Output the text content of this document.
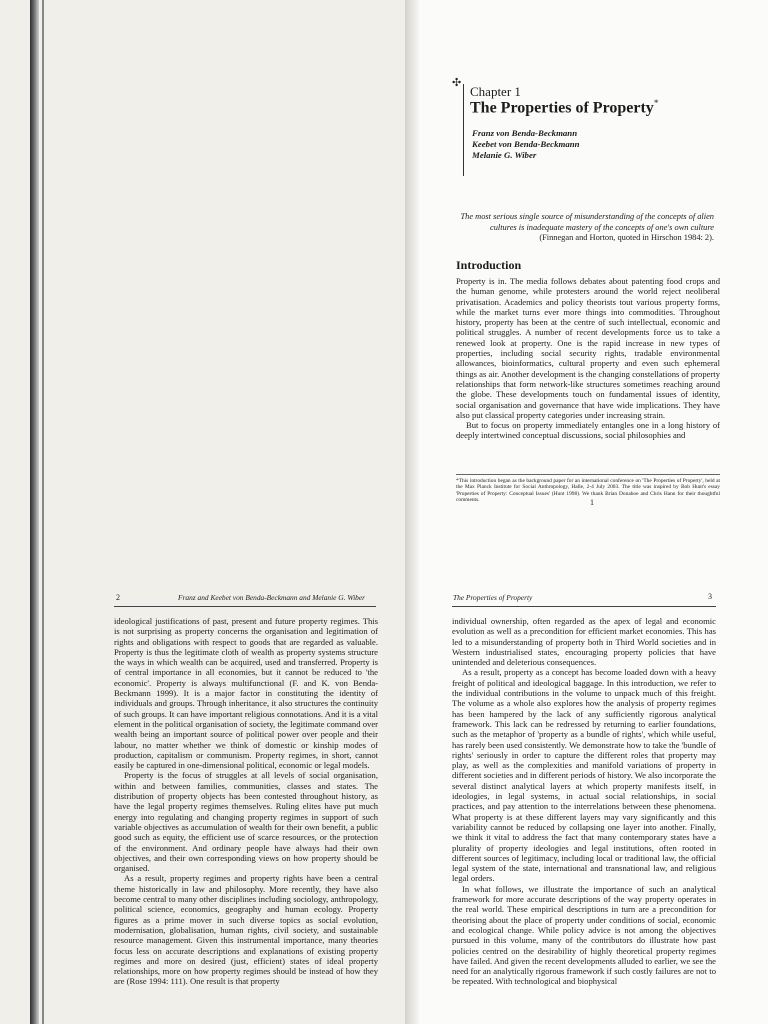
✣
Chapter 1
The Properties of Property*
Franz von Benda-Beckmann
Keebet von Benda-Beckmann
Melanie G. Wiber
The most serious single source of misunderstanding of the concepts of alien
cultures is inadequate mastery of the concepts of one's own culture
(Finnegan and Horton, quoted in Hirschon 1984: 2).
Introduction

Property is in. The media follows debates about patenting food crops and the human genome, while protesters around the world reject neoliberal privatisation. Academics and policy theorists tout various property forms, while the market turns ever more things into commodities. Throughout history, property has been at the centre of such intellectual, economic and political struggles. A number of recent developments force us to take a renewed look at property. One is the rapid increase in new types of properties, including social security rights, tradable environmental allowances, bioinformatics, cultural property and even such ephemeral things as air. Another development is the changing constellations of property relationships that form network-like structures sometimes reaching around the globe. These developments touch on fundamental issues of identity, social organisation and governance that have wide implications. They have also put classical property categories under increasing strain.

But to focus on property immediately entangles one in a long history of deeply intertwined conceptual discussions, social philosophies and

*This introduction began as the background paper for an international conference on 'The Properties of Property', held at the Max Planck Institute for Social Anthropology, Halle, 2-4 July 2003. The title was inspired by Bob Hunt's essay 'Properties of Property: Conceptual Issues' (Hunt 1998). We thank Brian Donahoe and Chris Hann for their thoughtful comments.	1
2	Franz and Keebet von Benda-Beckmann and Melanie G. Wiber

ideological justifications of past, present and future property regimes. This is not surprising as property concerns the organisation and legitimation of rights and obligations with respect to goods that are regarded as valuable. Property is thus the legitimate cloth of wealth as property systems structure the ways in which wealth can be acquired, used and transferred. Property is of central importance in all economies, but it cannot be reduced to 'the economic'. Property is always multifunctional (F. and K. von Benda-Beckmann 1999). It is a major factor in constituting the identity of individuals and groups. Through inheritance, it also structures the continuity of such groups. It can have important religious connotations. And it is a vital element in the political organisation of society, the legitimate command over wealth being an important source of political power over people and their labour, no matter whether we think of domestic or kinship modes of production, capitalism or communism. Property regimes, in short, cannot easily be captured in one-dimensional political, economic or legal models.

Property is the focus of struggles at all levels of social organisation, within and between families, communities, classes and states. The distribution of property objects has been contested throughout history, as have the legal property regimes themselves. Ruling elites have put much energy into regulating and changing property regimes in support of such variable objectives as accumulation of wealth for their own benefit, a public good such as equity, the efficient use of scarce resources, or the protection of the environment. And ordinary people have always had their own objectives, and their own corresponding views on how property should be organised.

As a result, property regimes and property rights have been a central theme historically in law and philosophy. More recently, they have also become central to many other disciplines including sociology, anthropology, political science, economics, geography and human ecology. Property figures as a prime mover in such diverse topics as social evolution, modernisation, globalisation, human rights, civil society, and sustainable resource management. Given this instrumental importance, many theories focus less on accurate descriptions and explanations of existing property regimes and more on desired (just, efficient) states of ideal property relationships, more on how property regimes should be instead of how they are (Rose 1994: 111). One result is that property

The Properties of Property	3

individual ownership, often regarded as the apex of legal and economic evolution as well as a precondition for efficient market economies. This has led to a misunderstanding of property both in Third World societies and in Western industrialised states, encouraging property policies that have unintended and deleterious consequences.

As a result, property as a concept has become loaded down with a heavy freight of political and ideological baggage. In this introduction, we refer to the individual contributions in the volume to unpack much of this freight. The volume as a whole also explores how the analysis of property regimes has been hampered by the lack of any sufficiently rigorous analytical framework. This lack can be redressed by returning to earlier foundations, such as the metaphor of 'property as a bundle of rights', which while useful, has rarely been used consistently. We demonstrate how to take the 'bundle of rights' seriously in order to capture the different roles that property may play, as well as the complexities and manifold variations of property in different societies and in different periods of history. We also incorporate the several distinct analytical layers at which property manifests itself, in ideologies, in legal systems, in actual social relationships, in social practices, and pay attention to the interrelations between these phenomena. What property is at these different layers may vary significantly and this variability cannot be reduced by collapsing one layer into another. Finally, we think it vital to address the fact that many contemporary states have a plurality of property ideologies and legal institutions, often rooted in different sources of legitimacy, including local or traditional law, the official legal system of the state, international and transnational law, and religious legal orders.

In what follows, we illustrate the importance of such an analytical framework for more accurate descriptions of the way property operates in the real world. These empirical descriptions in turn are a precondition for theorising about the place of property under conditions of social, economic and ecological change. While policy advice is not among the objectives pursued in this volume, many of the contributors do illustrate how past policies centred on the desirability of highly theoretical property regimes have failed. And given the recent developments alluded to earlier, we see the need for an analytically rigorous framework if such costly failures are not to be repeated. With technological and biophysical
